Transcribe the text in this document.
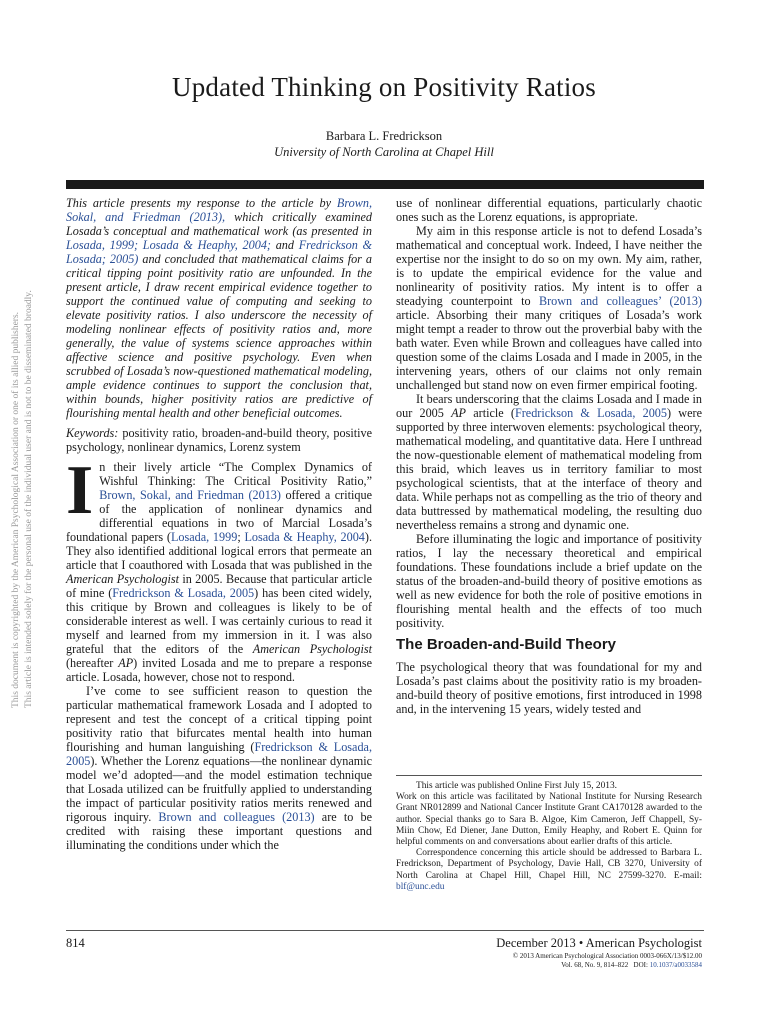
Updated Thinking on Positivity Ratios
Barbara L. Fredrickson
University of North Carolina at Chapel Hill
This document is copyrighted by the American Psychological Association or one of its allied publishers. This article is intended solely for the personal use of the individual user and is not to be disseminated broadly.

This article presents my response to the article by Brown, Sokal, and Friedman (2013), which critically examined Losada’s conceptual and mathematical work (as presented in Losada, 1999; Losada & Heaphy, 2004; and Fredrickson & Losada; 2005) and concluded that mathematical claims for a critical tipping point positivity ratio are unfounded. In the present article, I draw recent empirical evidence together to support the continued value of computing and seeking to elevate positivity ratios. I also underscore the necessity of modeling nonlinear effects of positivity ratios and, more generally, the value of systems science approaches within affective science and positive psychology. Even when scrubbed of Losada’s now-questioned mathematical modeling, ample evidence continues to support the conclusion that, within bounds, higher positivity ratios are predictive of flourishing mental health and other beneficial outcomes.

Keywords: positivity ratio, broaden-and-build theory, positive psychology, nonlinear dynamics, Lorenz system

In their lively article “The Complex Dynamics of Wishful Thinking: The Critical Positivity Ratio,” Brown, Sokal, and Friedman (2013) offered a critique of the application of nonlinear dynamics and differential equations in two of Marcial Losada’s foundational papers (Losada, 1999; Losada & Heaphy, 2004). They also identified additional logical errors that permeate an article that I coauthored with Losada that was published in the American Psychologist in 2005. Because that particular article of mine (Fredrickson & Losada, 2005) has been cited widely, this critique by Brown and colleagues is likely to be of considerable interest as well. I was certainly curious to read it myself and learned from my immersion in it. I was also grateful that the editors of the American Psychologist (hereafter AP) invited Losada and me to prepare a response article. Losada, however, chose not to respond.

I’ve come to see sufficient reason to question the particular mathematical framework Losada and I adopted to represent and test the concept of a critical tipping point positivity ratio that bifurcates mental health into human flourishing and human languishing (Fredrickson & Losada, 2005). Whether the Lorenz equations—the nonlinear dynamic model we’d adopted—and the model estimation technique that Losada utilized can be fruitfully applied to understanding the impact of particular positivity ratios merits renewed and rigorous inquiry. Brown and colleagues (2013) are to be credited with raising these important questions and illuminating the conditions under which the

use of nonlinear differential equations, particularly chaotic ones such as the Lorenz equations, is appropriate.

My aim in this response article is not to defend Losada’s mathematical and conceptual work. Indeed, I have neither the expertise nor the insight to do so on my own. My aim, rather, is to update the empirical evidence for the value and nonlinearity of positivity ratios. My intent is to offer a steadying counterpoint to Brown and colleagues’ (2013) article. Absorbing their many critiques of Losada’s work might tempt a reader to throw out the proverbial baby with the bath water. Even while Brown and colleagues have called into question some of the claims Losada and I made in 2005, in the intervening years, others of our claims not only remain unchallenged but stand now on even firmer empirical footing.

It bears underscoring that the claims Losada and I made in our 2005 AP article (Fredrickson & Losada, 2005) were supported by three interwoven elements: psychological theory, mathematical modeling, and quantitative data. Here I unthread the now-questionable element of mathematical modeling from this braid, which leaves us in territory familiar to most psychological scientists, that at the interface of theory and data. While perhaps not as compelling as the trio of theory and data buttressed by mathematical modeling, the resulting duo nevertheless remains a strong and dynamic one.

Before illuminating the logic and importance of positivity ratios, I lay the necessary theoretical and empirical foundations. These foundations include a brief update on the status of the broaden-and-build theory of positive emotions as well as new evidence for both the role of positive emotions in flourishing mental health and the effects of too much positivity.

The Broaden-and-Build Theory

The psychological theory that was foundational for my and Losada’s past claims about the positivity ratio is my broaden-and-build theory of positive emotions, first introduced in 1998 and, in the intervening 15 years, widely tested and

This article was published Online First July 15, 2013.

Work on this article was facilitated by National Institute for Nursing Research Grant NR012899 and National Cancer Institute Grant CA170128 awarded to the author. Special thanks go to Sara B. Algoe, Kim Cameron, Jeff Chappell, Sy-Miin Chow, Ed Diener, Jane Dutton, Emily Heaphy, and Robert E. Quinn for helpful comments on and conversations about earlier drafts of this article.

Correspondence concerning this article should be addressed to Barbara L. Fredrickson, Department of Psychology, Davie Hall, CB 3270, University of North Carolina at Chapel Hill, Chapel Hill, NC 27599-3270. E-mail: blf@unc.edu

814	December 2013 • American Psychologist
© 2013 American Psychological Association 0003-066X/13/$12.00
Vol. 68, No. 9, 814–822 DOI: 10.1037/a0033584
